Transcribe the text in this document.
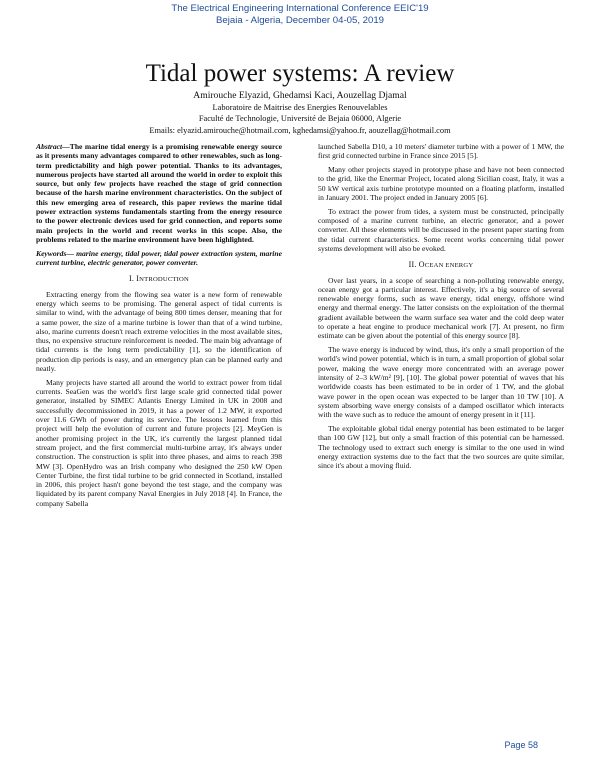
The Electrical Engineering International Conference EEIC'19
Bejaia - Algeria, December 04-05, 2019
Tidal power systems: A review
Amirouche Elyazid, Ghedamsi Kaci, Aouzellag Djamal
Laboratoire de Maitrise des Energies Renouvelables
Faculté de Technologie, Université de Bejaia 06000, Algerie
Emails: elyazid.amirouche@hotmail.com, kghedamsi@yahoo.fr, aouzellag@hotmail.com

Abstract—The marine tidal energy is a promising renewable energy source as it presents many advantages compared to other renewables, such as long-term predictability and high power potential. Thanks to its advantages, numerous projects have started all around the world in order to exploit this source, but only few projects have reached the stage of grid connection because of the harsh marine environment characteristics. On the subject of this new emerging area of research, this paper reviews the marine tidal power extraction systems fundamentals starting from the energy resource to the power electronic devices used for grid connection, and reports some main projects in the world and recent works in this scope. Also, the problems related to the marine environment have been highlighted.

Keywords— marine energy, tidal power, tidal power extraction system, marine current turbine, electric generator, power converter.

I. INTRODUCTION

Extracting energy from the flowing sea water is a new form of renewable energy which seems to be promising. The general aspect of tidal currents is similar to wind, with the advantage of being 800 times denser, meaning that for a same power, the size of a marine turbine is lower than that of a wind turbine, also, marine currents doesn't reach extreme velocities in the most available sites, thus, no expensive structure reinforcement is needed. The main big advantage of tidal currents is the long term predictability [1], so the identification of production dip periods is easy, and an emergency plan can be planned early and neatly.

Many projects have started all around the world to extract power from tidal currents. SeaGen was the world's first large scale grid connected tidal power generator, installed by SIMEC Atlantis Energy Limited in UK in 2008 and successfully decommissioned in 2019, it has a power of 1.2 MW, it exported over 11.6 GWh of power during its service. The lessons learned from this project will help the evolution of current and future projects [2]. MeyGen is another promising project in the UK, it's currently the largest planned tidal stream project, and the first commercial multi-turbine array, it's always under construction. The construction is split into three phases, and aims to reach 398 MW [3]. OpenHydro was an Irish company who designed the 250 kW Open Center Turbine, the first tidal turbine to be grid connected in Scotland, installed in 2006, this project hasn't gone beyond the test stage, and the company was liquidated by its parent company Naval Energies in July 2018 [4]. In France, the company Sabella

launched Sabella D10, a 10 meters' diameter turbine with a power of 1 MW, the first grid connected turbine in France since 2015 [5].

Many other projects stayed in prototype phase and have not been connected to the grid, like the Enermar Project, located along Sicilian coast, Italy, it was a 50 kW vertical axis turbine prototype mounted on a floating platform, installed in January 2001. The project ended in January 2005 [6].

To extract the power from tides, a system must be constructed, principally composed of a marine current turbine, an electric generator, and a power converter. All these elements will be discussed in the present paper starting from the tidal current characteristics. Some recent works concerning tidal power systems development will also be evoked.

II. OCEAN ENERGY

Over last years, in a scope of searching a non-polluting renewable energy, ocean energy got a particular interest. Effectively, it's a big source of several renewable energy forms, such as wave energy, tidal energy, offshore wind energy and thermal energy. The latter consists on the exploitation of the thermal gradient available between the warm surface sea water and the cold deep water to operate a heat engine to produce mechanical work [7]. At present, no firm estimate can be given about the potential of this energy source [8].

The wave energy is induced by wind, thus, it's only a small proportion of the world's wind power potential, which is in turn, a small proportion of global solar power, making the wave energy more concentrated with an average power intensity of 2–3 kW/m² [9], [10]. The global power potential of waves that his worldwide coasts has been estimated to be in order of 1 TW, and the global wave power in the open ocean was expected to be larger than 10 TW [10]. A system absorbing wave energy consists of a damped oscillator which interacts with the wave such as to reduce the amount of energy present in it [11].

The exploitable global tidal energy potential has been estimated to be larger than 100 GW [12], but only a small fraction of this potential can be harnessed. The technology used to extract such energy is similar to the one used in wind energy extraction systems due to the fact that the two sources are quite similar, since it's about a moving fluid.

Page 58
